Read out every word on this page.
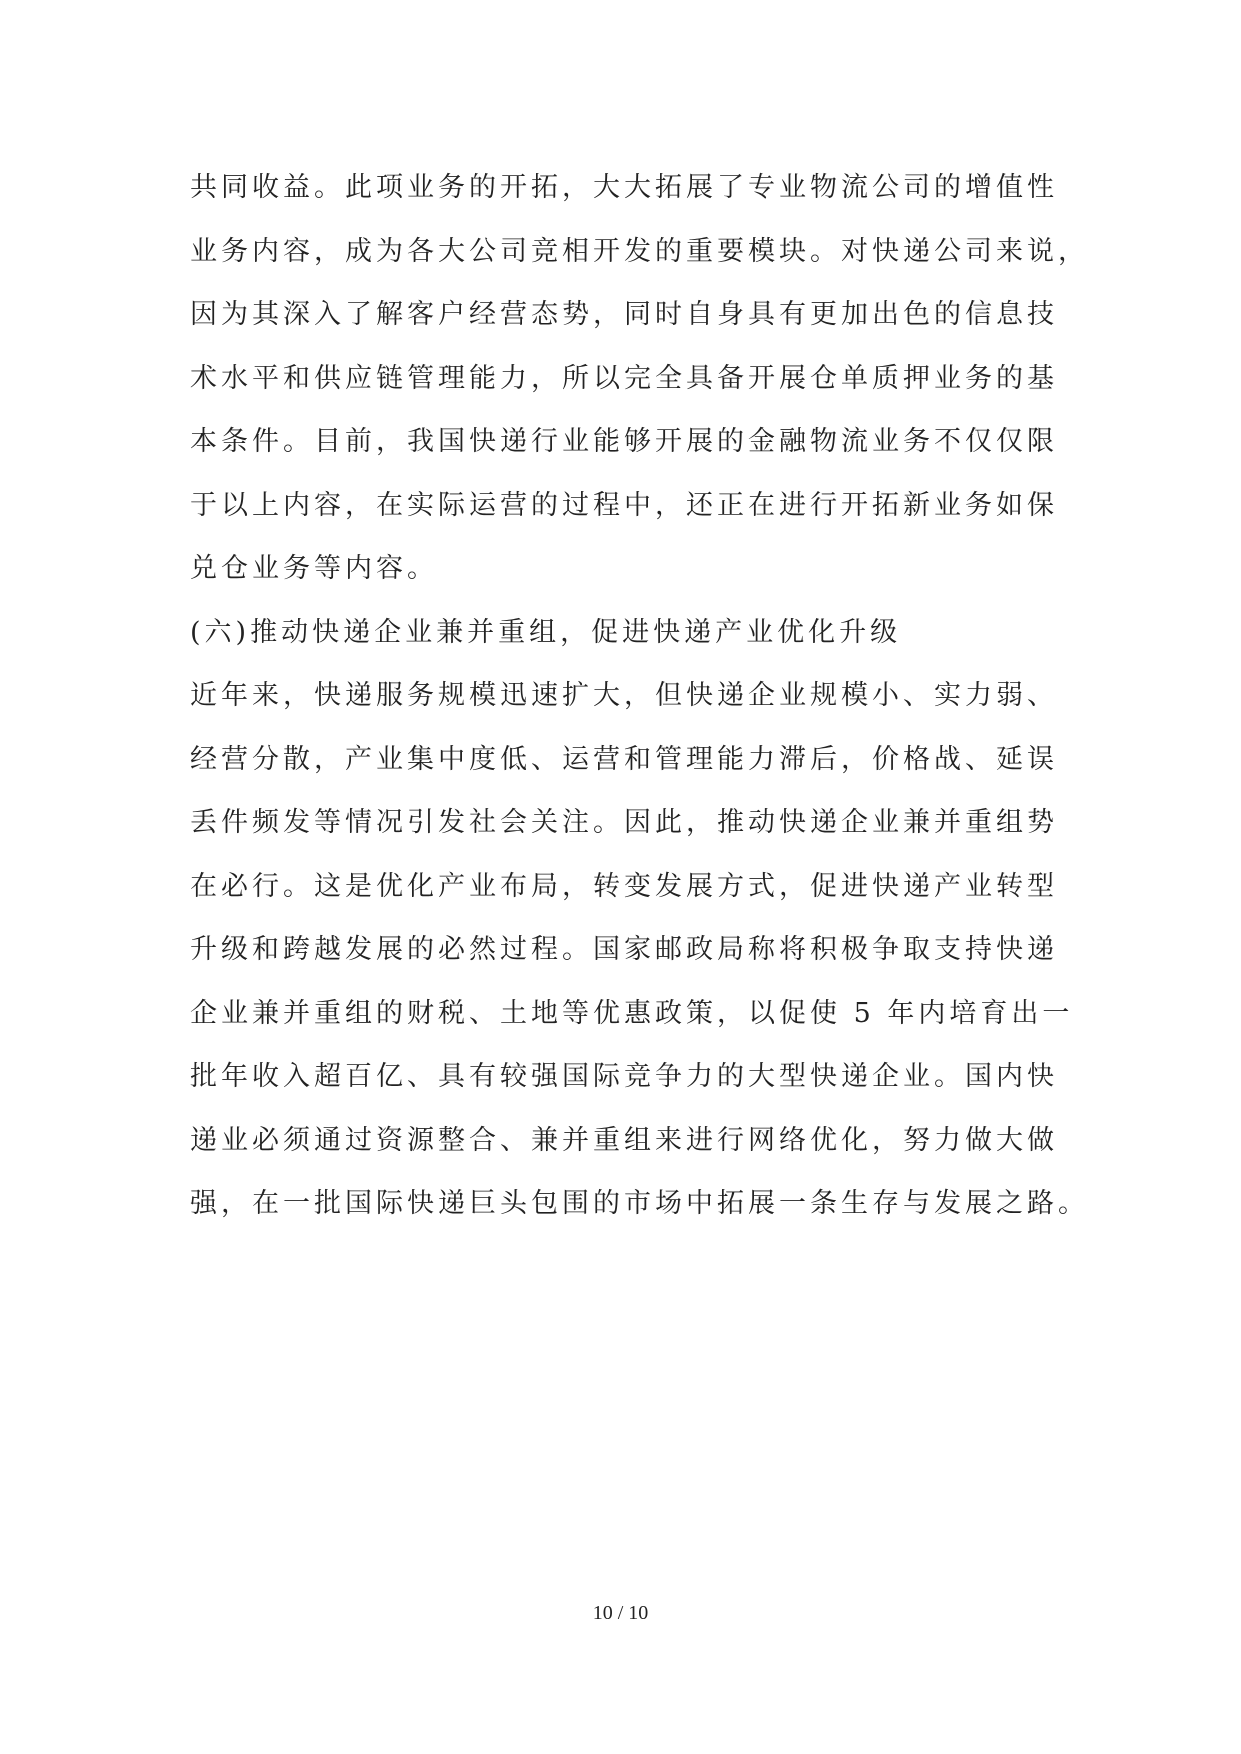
共同收益。此项业务的开拓，大大拓展了专业物流公司的增值性
业务内容，成为各大公司竞相开发的重要模块。对快递公司来说，
因为其深入了解客户经营态势，同时自身具有更加出色的信息技
术水平和供应链管理能力，所以完全具备开展仓单质押业务的基
本条件。目前，我国快递行业能够开展的金融物流业务不仅仅限
于以上内容，在实际运营的过程中，还正在进行开拓新业务如保
兑仓业务等内容。
(六)推动快递企业兼并重组，促进快递产业优化升级
近年来，快递服务规模迅速扩大，但快递企业规模小、实力弱、
经营分散，产业集中度低、运营和管理能力滞后，价格战、延误
丢件频发等情况引发社会关注。因此，推动快递企业兼并重组势
在必行。这是优化产业布局，转变发展方式，促进快递产业转型
升级和跨越发展的必然过程。国家邮政局称将积极争取支持快递
企业兼并重组的财税、土地等优惠政策，以促使 5 年内培育出一
批年收入超百亿、具有较强国际竞争力的大型快递企业。国内快
递业必须通过资源整合、兼并重组来进行网络优化，努力做大做
强，在一批国际快递巨头包围的市场中拓展一条生存与发展之路。
10 / 10
